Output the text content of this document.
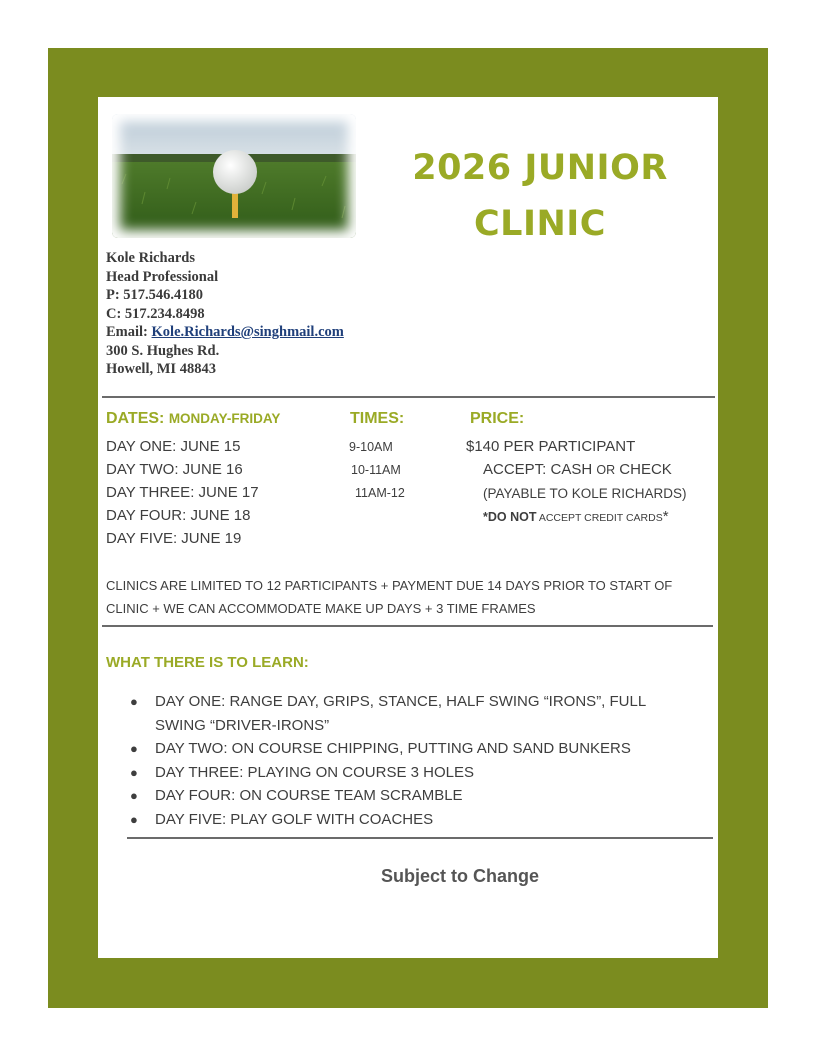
2026 JUNIOR
CLINIC
Kole Richards
Head Professional
P: 517.546.4180
C: 517.234.8498
Email: Kole.Richards@singhmail.com
300 S. Hughes Rd.
Howell, MI 48843
DATES: MONDAY-FRIDAY	TIMES:	PRICE:
DAY ONE: JUNE 15
DAY TWO: JUNE 16
DAY THREE: JUNE 17
DAY FOUR: JUNE 18
DAY FIVE: JUNE 19
9-10AM
10-11AM
11AM-12
$140 PER PARTICIPANT
ACCEPT: CASH OR CHECK
(PAYABLE TO KOLE RICHARDS)
*DO NOT ACCEPT CREDIT CARDS*
CLINICS ARE LIMITED TO 12 PARTICIPANTS + PAYMENT DUE 14 DAYS PRIOR TO START OF
CLINIC + WE CAN ACCOMMODATE MAKE UP DAYS + 3 TIME FRAMES
WHAT THERE IS TO LEARN:
● DAY ONE: RANGE DAY, GRIPS, STANCE, HALF SWING “IRONS”, FULL SWING “DRIVER-IRONS”
● DAY TWO: ON COURSE CHIPPING, PUTTING AND SAND BUNKERS
● DAY THREE: PLAYING ON COURSE 3 HOLES
● DAY FOUR: ON COURSE TEAM SCRAMBLE
● DAY FIVE: PLAY GOLF WITH COACHES
Subject to Change
